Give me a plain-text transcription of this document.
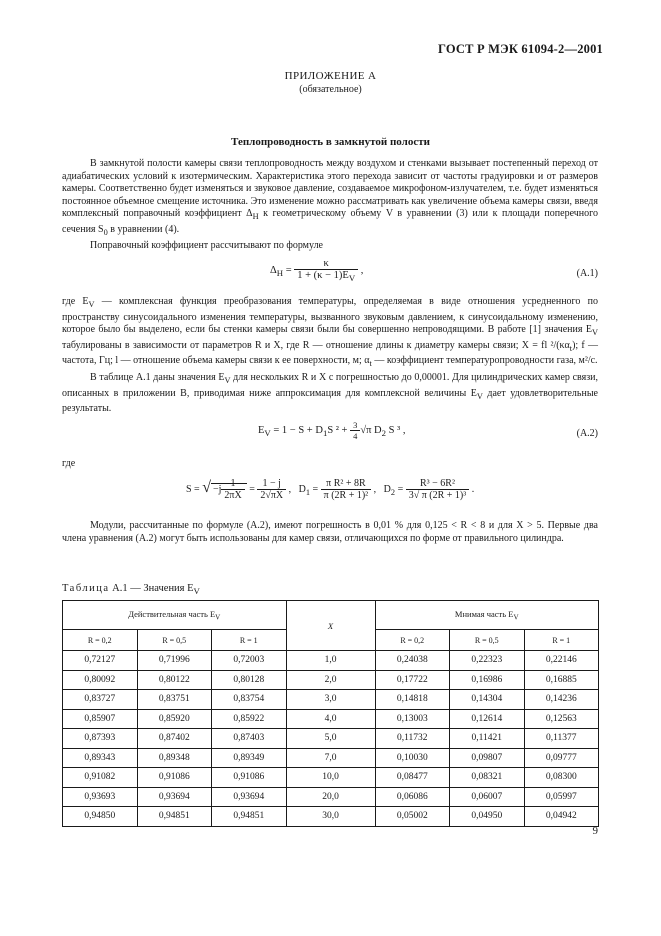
ГОСТ Р МЭК 61094-2—2001
ПРИЛОЖЕНИЕ А
(обязательное)
Теплопроводность в замкнутой полости

В замкнутой полости камеры связи теплопроводность между воздухом и стенками вызывает постепенный переход от адиабатических условий к изотермическим. Характеристика этого перехода зависит от частоты градуировки и от размеров камеры. Соответственно будет изменяться и звуковое давление, создаваемое микрофоном-излучателем, т.е. будет изменяться постоянное объемное смещение источника. Это изменение можно рассматривать как увеличение объема камеры связи, введя комплексный поправочный коэффициент $\Delta_H$ к геометрическому объему V в уравнении (3) или к площади поперечного сечения $S_0$ в уравнении (4).

Поправочный коэффициент рассчитывают по формуле

$\Delta_H = \frac{\kappa}{1 + (\kappa - 1)E_V}$ ,	(А.1)

где $E_V$ — комплексная функция преобразования температуры, определяемая в виде отношения усредненного по пространству синусоидального изменения температуры, вызванного звуковым давлением, к синусоидальному изменению, которое было бы выделено, если бы стенки камеры связи были бы совершенно непроводящими. В работе [1] значения $E_V$ табулированы в зависимости от параметров R и X, где R — отношение длины к диаметру камеры связи; X = fl $^2/(\kappa\alpha_t)$; f — частота, Гц; l — отношение объема камеры связи к ее поверхности, м; $\alpha_t$ — коэффициент температуропроводности газа, м²/с.

В таблице А.1 даны значения $E_V$ для нескольких R и X с погрешностью до 0,00001. Для цилиндрических камер связи, описанных в приложении В, приводимая ниже аппроксимация для комплексной величины $E_V$ дает удовлетворительные результаты.

$E_V = 1 - S + D_1S$ $^2 + \frac{3}{4} √\pi$ $D_2$ S ³ ,	(А.2)
где
S = √ $-j \frac{1}{2\pi X} = \frac{1 - j}{2√\pi X}$ ,   $D_1 = \frac{\text{π R² + 8R}}{\text{π (2R + 1)²}}$ ,   $D_2 = \frac{\text{R³ − 6R²}}{\text{3√ π (2R + 1)³}}$ .

Модули, рассчитанные по формуле (А.2), имеют погрешность в 0,01 % для 0,125 < R < 8 и для X > 5. Первые два члена уравнения (А.2) могут быть использованы для камер связи, отличающихся по форме от правильного цилиндра.

Таблица А.1 — Значения $E_V$
Действительная часть $E_V$			X	Мнимая часть $E_V$
R = 0,2	R = 0,5	R = 1		R = 0,2	R = 0,5	R = 1
0,72127	0,71996	0,72003	1,0	0,24038	0,22323	0,22146
0,80092	0,80122	0,80128	2,0	0,17722	0,16986	0,16885
0,83727	0,83751	0,83754	3,0	0,14818	0,14304	0,14236
0,85907	0,85920	0,85922	4,0	0,13003	0,12614	0,12563
0,87393	0,87402	0,87403	5,0	0,11732	0,11421	0,11377
0,89343	0,89348	0,89349	7,0	0,10030	0,09807	0,09777
0,91082	0,91086	0,91086	10,0	0,08477	0,08321	0,08300
0,93693	0,93694	0,93694	20,0	0,06086	0,06007	0,05997
0,94850	0,94851	0,94851	30,0	0,05002	0,04950	0,04942
9
